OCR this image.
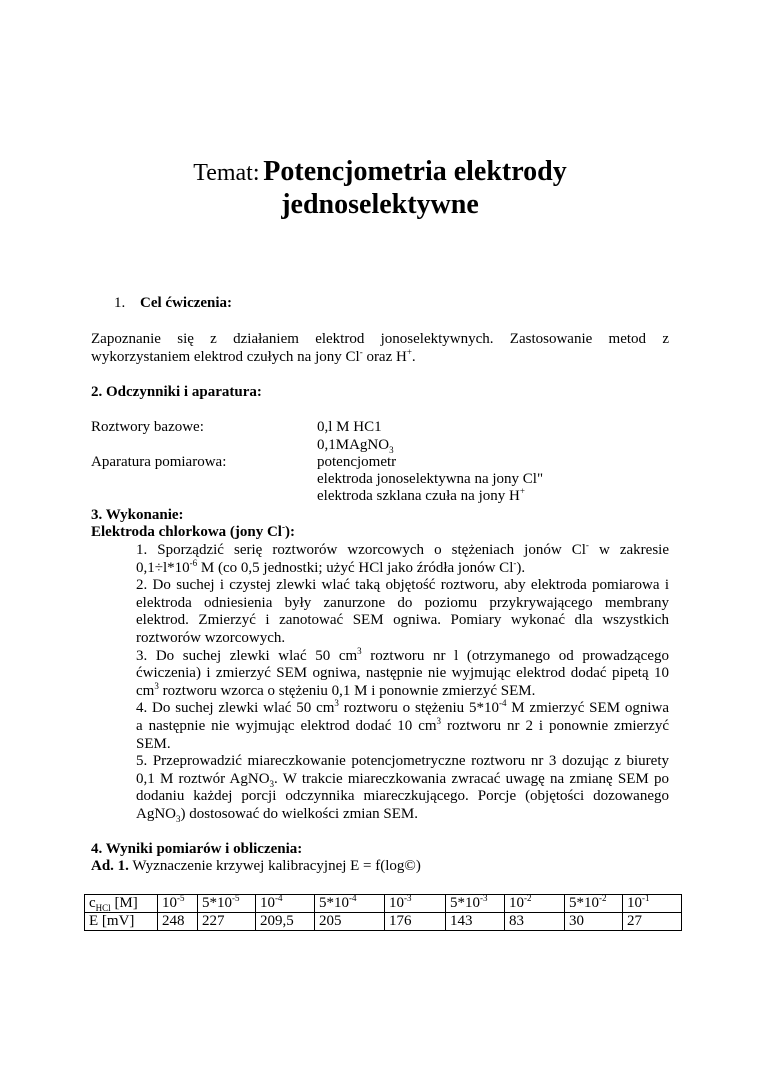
Temat: Potencjometria elektrody
jednoselektywne
1. Cel ćwiczenia:
Zapoznanie się z działaniem elektrod jonoselektywnych. Zastosowanie metod z
wykorzystaniem elektrod czułych na jony Cl- oraz H+.
2. Odczynniki i aparatura:
Roztwory bazowe:	0,l M HC1
0,1MAgNO$_3$
Aparatura pomiarowa:	potencjometr
elektroda jonoselektywna na jony Cl"
elektroda szklana czuła na jony H+
3. Wykonanie:
Elektroda chlorkowa (jony Cl-):
1. Sporządzić serię roztworów wzorcowych o stężeniach jonów Cl- w zakresie
$0,1\div l*10^{-6}$ M (co 0,5 jednostki; użyć HCl jako źródła jonów Cl-).
2. Do suchej i czystej zlewki wlać taką objętość roztworu, aby elektroda pomiarowa i
elektroda odniesienia były zanurzone do poziomu przykrywającego membrany
elektrod. Zmierzyć i zanotować SEM ogniwa. Pomiary wykonać dla wszystkich
roztworów wzorcowych.
3. Do suchej zlewki wlać 50 $cm^3$ roztworu nr l (otrzymanego od prowadzącego
ćwiczenia) i zmierzyć SEM ogniwa, następnie nie wyjmując elektrod dodać pipetą 10
$cm^3$ roztworu wzorca o stężeniu 0,1 M i ponownie zmierzyć SEM.
4. Do suchej zlewki wlać 50 $cm^3$ roztworu o stężeniu $5*10^{-4}$ M zmierzyć SEM ogniwa
a następnie nie wyjmując elektrod dodać 10 $cm^3$ roztworu nr 2 i ponownie zmierzyć
SEM.
5. Przeprowadzić miareczkowanie potencjometryczne roztworu nr 3 dozując z biurety
0,1 M roztwór AgNO$_3$. W trakcie miareczkowania zwracać uwagę na zmianę SEM po
dodaniu każdej porcji odczynnika miareczkującego. Porcje (objętości dozowanego
AgNO$_3$) dostosować do wielkości zmian SEM.
4. Wyniki pomiarów i obliczenia:
Ad. 1. Wyznaczenie krzywej kalibracyjnej E = f(log©)
$c_{HCl}$ [M]	$10^{-5}$	$5*10^{-5}$	$10^{-4}$	$5*10^{-4}$	$10^{-3}$	$5*10^{-3}$	$10^{-2}$	$5*10^{-2}$	$10^{-1}$
E [mV]	248	227	209,5	205	176	143	83	30	27
